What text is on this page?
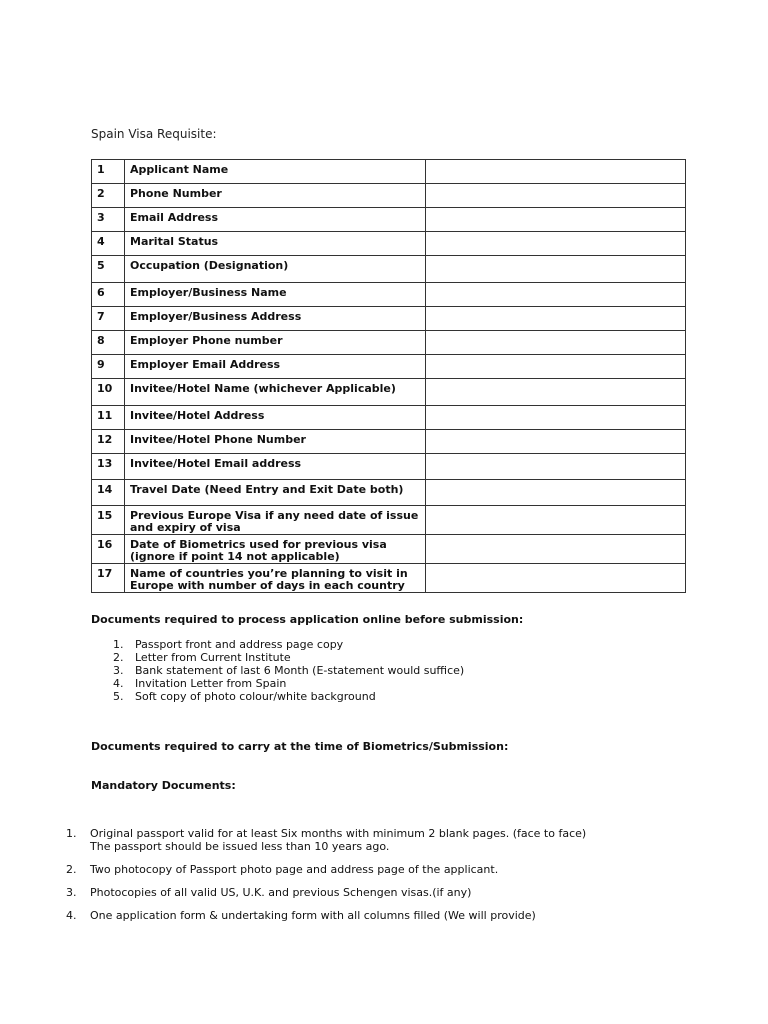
Spain Visa Requisite:
1	Applicant Name	
2	Phone Number	
3	Email Address	
4	Marital Status	
5	Occupation (Designation)	
6	Employer/Business Name	
7	Employer/Business Address	
8	Employer Phone number	
9	Employer Email Address	
10	Invitee/Hotel Name (whichever Applicable)	
11	Invitee/Hotel Address	
12	Invitee/Hotel Phone Number	
13	Invitee/Hotel Email address	
14	Travel Date (Need Entry and Exit Date both)	
15	Previous Europe Visa if any need date of issue and expiry of visa	
16	Date of Biometrics used for previous visa (ignore if point 14 not applicable)	
17	Name of countries you’re planning to visit in Europe with number of days in each country	
Documents required to process application online before submission:
1.	Passport front and address page copy
2.	Letter from Current Institute
3.	Bank statement of last 6 Month (E-statement would suffice)
4.	Invitation Letter from Spain
5.	Soft copy of photo colour/white background
Documents required to carry at the time of Biometrics/Submission:
Mandatory Documents:
1.	Original passport valid for at least Six months with minimum 2 blank pages. (face to face)
The passport should be issued less than 10 years ago.
2.	Two photocopy of Passport photo page and address page of the applicant.
3.	Photocopies of all valid US, U.K. and previous Schengen visas.(if any)
4.	One application form & undertaking form with all columns filled (We will provide)
